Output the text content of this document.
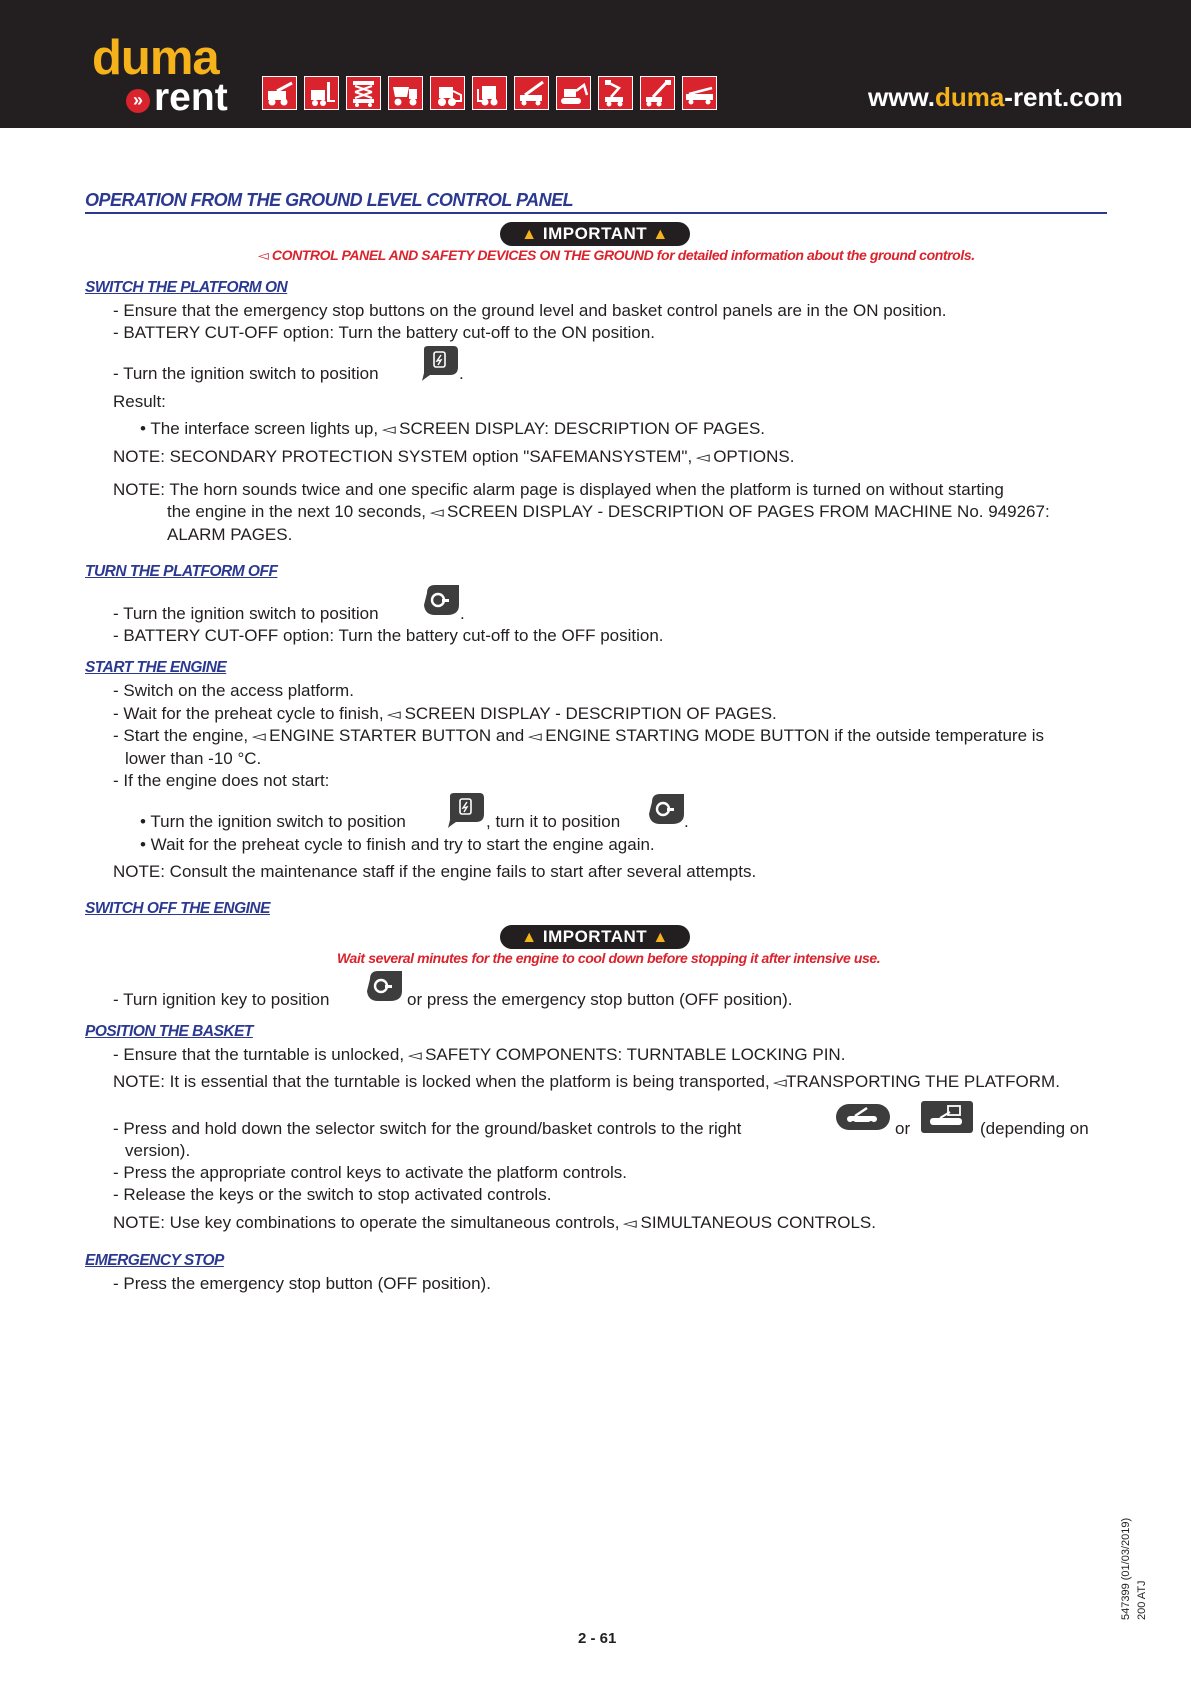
duma
» rent	www.duma-rent.com
OPERATION FROM THE GROUND LEVEL CONTROL PANEL
▲ IMPORTANT ▲
◅ CONTROL PANEL AND SAFETY DEVICES ON THE GROUND for detailed information about the ground controls.
SWITCH THE PLATFORM ON
- Ensure that the emergency stop buttons on the ground level and basket control panels are in the ON position.
- BATTERY CUT-OFF option: Turn the battery cut-off to the ON position.
- Turn the ignition switch to position	.
Result:
• The interface screen lights up, ◅ SCREEN DISPLAY: DESCRIPTION OF PAGES.
NOTE: SECONDARY PROTECTION SYSTEM option "SAFEMANSYSTEM", ◅ OPTIONS.
NOTE: The horn sounds twice and one specific alarm page is displayed when the platform is turned on without starting
the engine in the next 10 seconds, ◅ SCREEN DISPLAY - DESCRIPTION OF PAGES FROM MACHINE No. 949267:
ALARM PAGES.
TURN THE PLATFORM OFF
- Turn the ignition switch to position	.
- BATTERY CUT-OFF option: Turn the battery cut-off to the OFF position.
START THE ENGINE
- Switch on the access platform.
- Wait for the preheat cycle to finish, ◅ SCREEN DISPLAY - DESCRIPTION OF PAGES.
- Start the engine, ◅ ENGINE STARTER BUTTON and ◅ ENGINE STARTING MODE BUTTON if the outside temperature is
lower than -10 °C.
- If the engine does not start:
• Turn the ignition switch to position	, turn it to position	.
• Wait for the preheat cycle to finish and try to start the engine again.
NOTE: Consult the maintenance staff if the engine fails to start after several attempts.
SWITCH OFF THE ENGINE
▲ IMPORTANT ▲
Wait several minutes for the engine to cool down before stopping it after intensive use.
- Turn ignition key to position	or press the emergency stop button (OFF position).
POSITION THE BASKET
- Ensure that the turntable is unlocked, ◅ SAFETY COMPONENTS: TURNTABLE LOCKING PIN.
NOTE: It is essential that the turntable is locked when the platform is being transported, ◅TRANSPORTING THE PLATFORM.
- Press and hold down the selector switch for the ground/basket controls to the right	or	(depending on
version).
- Press the appropriate control keys to activate the platform controls.
- Release the keys or the switch to stop activated controls.
NOTE: Use key combinations to operate the simultaneous controls, ◅ SIMULTANEOUS CONTROLS.
EMERGENCY STOP
- Press the emergency stop button (OFF position).
2 - 61
547399 (01/03/2019) 200 ATJ
